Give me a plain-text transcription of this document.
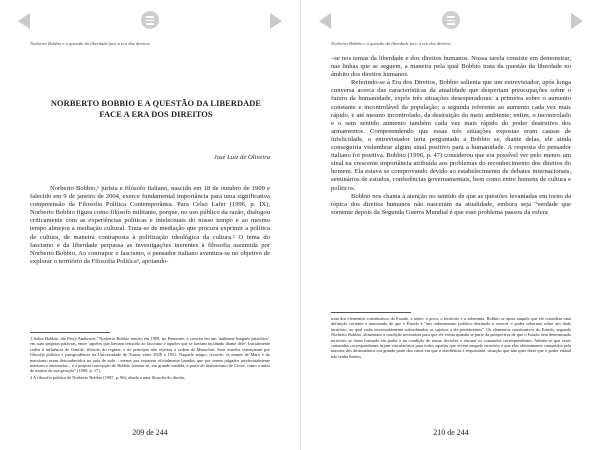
Norberto Bobbio e a questão da liberdade face a era dos direitos
NORBERTO BOBBIO E A QUESTÃO DA LIBERDADE FACE A ERA DOS DIREITOS
José Luiz de Oliveira

Norberto Bobbio,¹ jurista e filósofo italiano, nascido em 18 de outubro de 1909 e falecido em 9 de janeiro de 2004, exerce fundamental importância para uma significativa compreensão da Filosofia Política Contemporânea. Para Celso Lafer (1996, p. IX), Norberto Bobbio figura como filósofo militante, porque, no uso público da razão, dialogou criticamente com as experiências políticas e intelectuais do nosso tempo e ao mesmo tempo almejou a mediação cultural. Trata-se de mediação que procura exprimir a política de cultura, de maneira contraposta à politização ideológica da cultura.² O tema do fascismo e da liberdade perpassa as investigações inerentes à filosofia assumida por Norberto Bobbio. Ao contrapor o fascismo, o pensador italiano aventura-se no objetivo de explorar o território da Filosofia Política³, apoiando-

1 Sobre Bobbio, diz Perry Anderson: "Norberto Bobbio nasceu em 1909, no Piemonte, e cresceu em um 'ambiente burguês patriótico', em suas próprias palavras, entre 'aqueles que haviam resistido ao fascismo e aqueles que se haviam inclinado diante dele'. Inicialmente cedeu à influência de Gentile, filósofo do regime, e no princípio não rejeitou a ordem de Mussolini. Seus estudos começaram por filosofia política e jurisprudência na Universidade de Turim, entre 1928 e 1931. Naquele tempo, recordo, os nomes de Marx e do marxismo eram desconhecidos na aula de aula – menos por restarem oficialmente banidos que por serem julgados intelectualmente menores e enterrados – e a própria concepção de Bobbio formou-se, em grande medida, a partir do historicismo de Croce, como a aulas de muitos de sua geração" (1989, p. 17).

2 A filosofia política de Norberto Bobbio (1987, p. 96), aliada a uma filosofia do direito,

209 de 244
Norberto Bobbio e a questão da liberdade face a era dos direitos

–se nos temas da liberdade e dos direitos humanos. Nossa tarefa consiste em demonstrar, nas linhas que se seguem, a maneira pela qual Bobbio trata da questão da liberdade no âmbito dos direitos humanos.

Referindo-se à Era dos Direitos, Bobbio salienta que um entrevistador, após longa conversa acerca das características da atualidade que despertam preocupações sobre o futuro da humanidade, expôs três situações desesperadoras: a primeira sobre o aumento constante e incontrolável da população; a segunda referente ao aumento cada vez mais rápido, e até mesmo incontrolado, da destruição do meio ambiente; enfim, o incontrolado e o sem sentido aumento também cada vez mais rápido do poder destrutivo dos armamentos. Compreendendo que essas três situações expostas eram causas de infelicidade, o entrevistador teria perguntado a Bobbio se, diante delas, ele ainda conseguiria vislumbrar algum sinal positivo para a humanidade. A resposta do pensador italiano foi positiva. Bobbio (1996, p. 47) considerou que era possível ver pelo menos um sinal na crescente importância atribuída aos problemas do reconhecimento dos direitos do homem. Ela estava se comprovando devido ao estabelecimento de debates internacionais, seminários de estudos, conferências governamentais, bem como entre homens de cultura e políticos.

Bobbio nos chama à atenção no sentido de que as questões levantadas em torno da tópica dos direitos humanos não nasceram na atualidade, embora seja "verdade que somente depois da Segunda Guerra Mundial é que esse problema passou da esfera

trata dos elementos constitutivos do Estado, a saber: o povo, o território e a soberania. Bobbio se apoia naquilo que ele considera uma definição corrente e autorizada de que o Estado é "um ordenamento jurídico destinado a exercer o poder soberano sobre um dado território, ao qual estão necessariamente subordinados os sujeitos a ele pertencentes". Os elementos constitutivos do Estado, segundo Norberto Bobbio, alimentam a condição necessária para que ele exista quando se parte da perspectiva de que o Estado sem determinado território se torna formado em poder e na condição de tomar decisões e encarar os comandos correspondentes. Admite-se que esses comandos correspondentes sejam vinculatórios para todos aqueles que vivem naquele território e que eles efetivamente cumpridos pela maioria dos destinatários em grande parte dos casos em que a obediência é requisitada, situação que não quer dizer que o poder estatal não tenha limites.

210 de 244
